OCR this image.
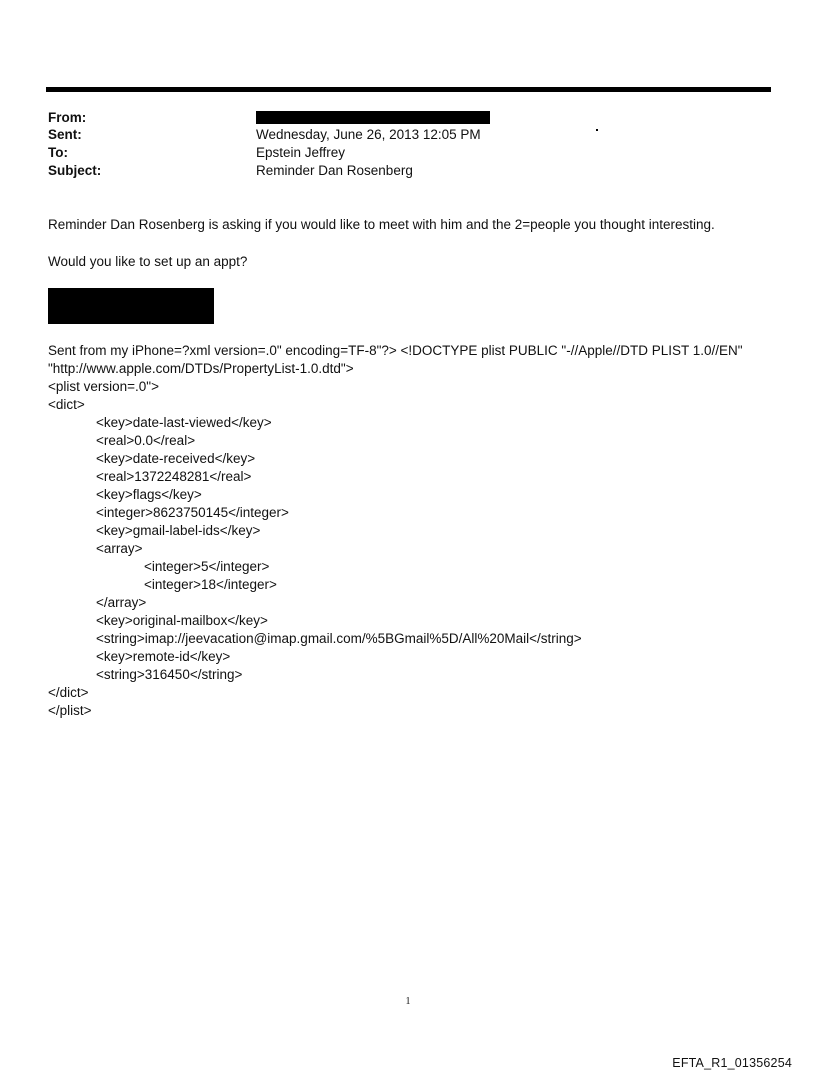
From:
Sent:	Wednesday, June 26, 2013 12:05 PM
To:	Epstein Jeffrey
Subject:	Reminder Dan Rosenberg
Reminder Dan Rosenberg is asking if you would like to meet with him and the 2=people you thought interesting.
Would you like to set up an appt?
Sent from my iPhone=?xml version=.0" encoding=TF-8"?> <!DOCTYPE plist PUBLIC "-//Apple//DTD PLIST 1.0//EN"
"http://www.apple.com/DTDs/PropertyList-1.0.dtd">
<plist version=.0">
<dict>
<key>date-last-viewed</key>
<real>0.0</real>
<key>date-received</key>
<real>1372248281</real>
<key>flags</key>
<integer>8623750145</integer>
<key>gmail-label-ids</key>
<array>
<integer>5</integer>
<integer>18</integer>
</array>
<key>original-mailbox</key>
<string>imap://jeevacation@imap.gmail.com/%5BGmail%5D/All%20Mail</string>
<key>remote-id</key>
<string>316450</string>
</dict>
</plist>
1
EFTA_R1_01356254
